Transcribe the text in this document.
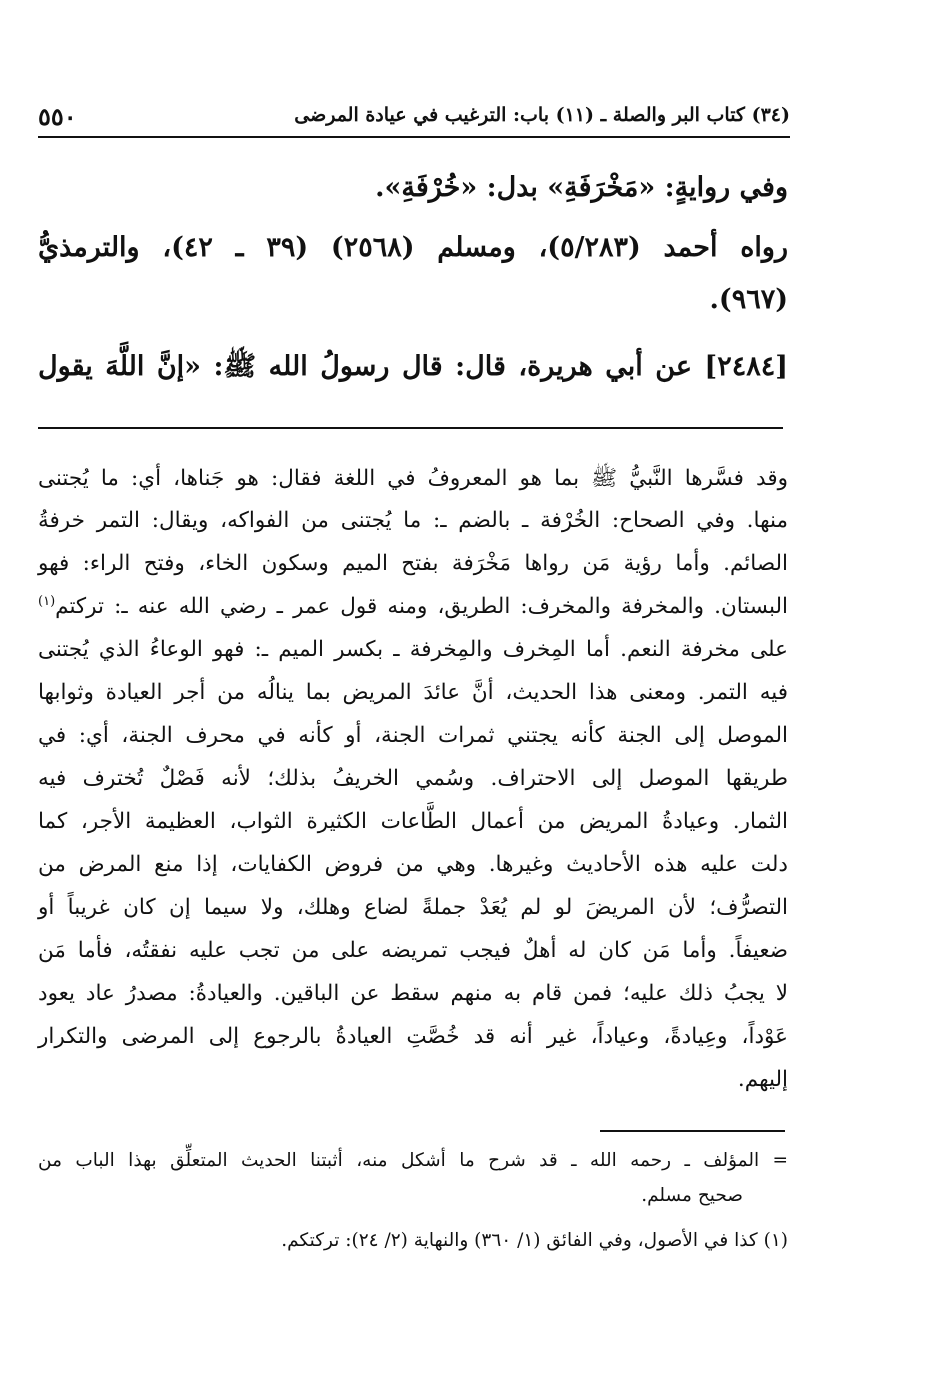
٥٥٠	(٣٤) كتاب البر والصلة ـ (١١) باب: الترغيب في عيادة المرضى
وفي روايةٍ: «مَخْرَفَةِ» بدل: «خُرْفَةِ».
رواه أحمد (٥/٢٨٣)، ومسلم (٢٥٦٨) (٣٩ ـ ٤٢)، والترمذيُّ
(٩٦٧).
[٢٤٨٤] عن أبي هريرة، قال: قال رسولُ الله ﷺ: «إنَّ اللَّهَ يقول
وقد فسَّرها النَّبيُّ ﷺ بما هو المعروفُ في اللغة فقال: هو جَناها، أي: ما يُجتنى
منها. وفي الصحاح: الخُرْفة ـ بالضم ـ: ما يُجتنى من الفواكه، ويقال: التمر خرفةُ
الصائم. وأما رؤية مَن رواها مَخْرَفة بفتح الميم وسكون الخاء، وفتح الراء: فهو
البستان. والمخرفة والمخرف: الطريق، ومنه قول عمر ـ رضي الله عنه ـ: تركتم$^{(١)}$
على مخرفة النعم. أما المِخرف والمِخرفة ـ بكسر الميم ـ: فهو الوعاءُ الذي يُجتنى
فيه التمر. ومعنى هذا الحديث، أنَّ عائدَ المريض بما ينالُه من أجر العيادة وثوابها
الموصل إلى الجنة كأنه يجتني ثمرات الجنة، أو كأنه في محرف الجنة، أي: في
طريقها الموصل إلى الاحتراف. وسُمي الخريفُ بذلك؛ لأنه فَصْلٌ تُخترف فيه
الثمار. وعيادةُ المريض من أعمال الطَّاعات الكثيرة الثواب، العظيمة الأجر، كما
دلت عليه هذه الأحاديث وغيرها. وهي من فروض الكفايات، إذا منع المرض من
التصرُّف؛ لأن المريضَ لو لم يُعَدْ جملةً لضاع وهلك، ولا سيما إن كان غريباً أو
ضعيفاً. وأما مَن كان له أهلٌ فيجب تمريضه على من تجب عليه نفقتُه، فأما مَن
لا يجبُ ذلك عليه؛ فمن قام به منهم سقط عن الباقين. والعيادةُ: مصدرُ عاد يعود
عَوْداً، وعِيادةً، وعياداً، غير أنه قد خُصَّتِ العيادةُ بالرجوع إلى المرضى والتكرار
إليهم.
= المؤلف ـ رحمه الله ـ قد شرح ما أشكل منه، أثبتنا الحديث المتعلِّق بهذا الباب من
صحيح مسلم.
(١) كذا في الأصول، وفي الفائق (١/ ٣٦٠) والنهاية (٢/ ٢٤): تركتكم.
